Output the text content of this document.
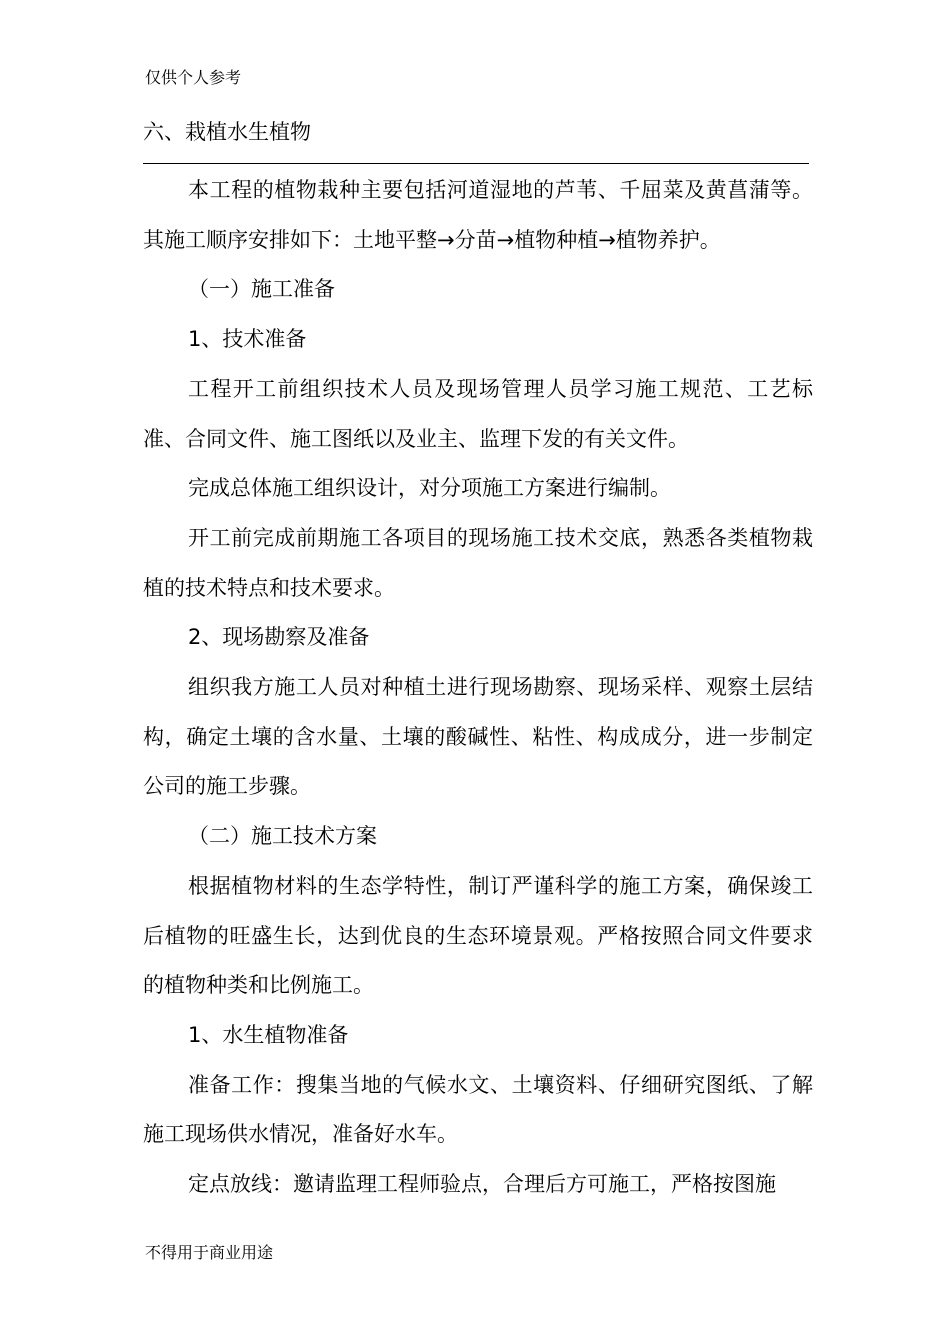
仅供个人参考
六、栽植水生植物

本工程的植物栽种主要包括河道湿地的芦苇、千屈菜及黄菖蒲等。其施工顺序安排如下：土地平整→分苗→植物种植→植物养护。

（一）施工准备

1、技术准备

工程开工前组织技术人员及现场管理人员学习施工规范、工艺标准、合同文件、施工图纸以及业主、监理下发的有关文件。

完成总体施工组织设计，对分项施工方案进行编制。

开工前完成前期施工各项目的现场施工技术交底，熟悉各类植物栽植的技术特点和技术要求。

2、现场勘察及准备

组织我方施工人员对种植土进行现场勘察、现场采样、观察土层结构，确定土壤的含水量、土壤的酸碱性、粘性、构成成分，进一步制定公司的施工步骤。

（二）施工技术方案

根据植物材料的生态学特性，制订严谨科学的施工方案，确保竣工后植物的旺盛生长，达到优良的生态环境景观。严格按照合同文件要求的植物种类和比例施工。

1、水生植物准备

准备工作：搜集当地的气候水文、土壤资料、仔细研究图纸、了解施工现场供水情况，准备好水车。

定点放线：邀请监理工程师验点，合理后方可施工，严格按图施

不得用于商业用途
